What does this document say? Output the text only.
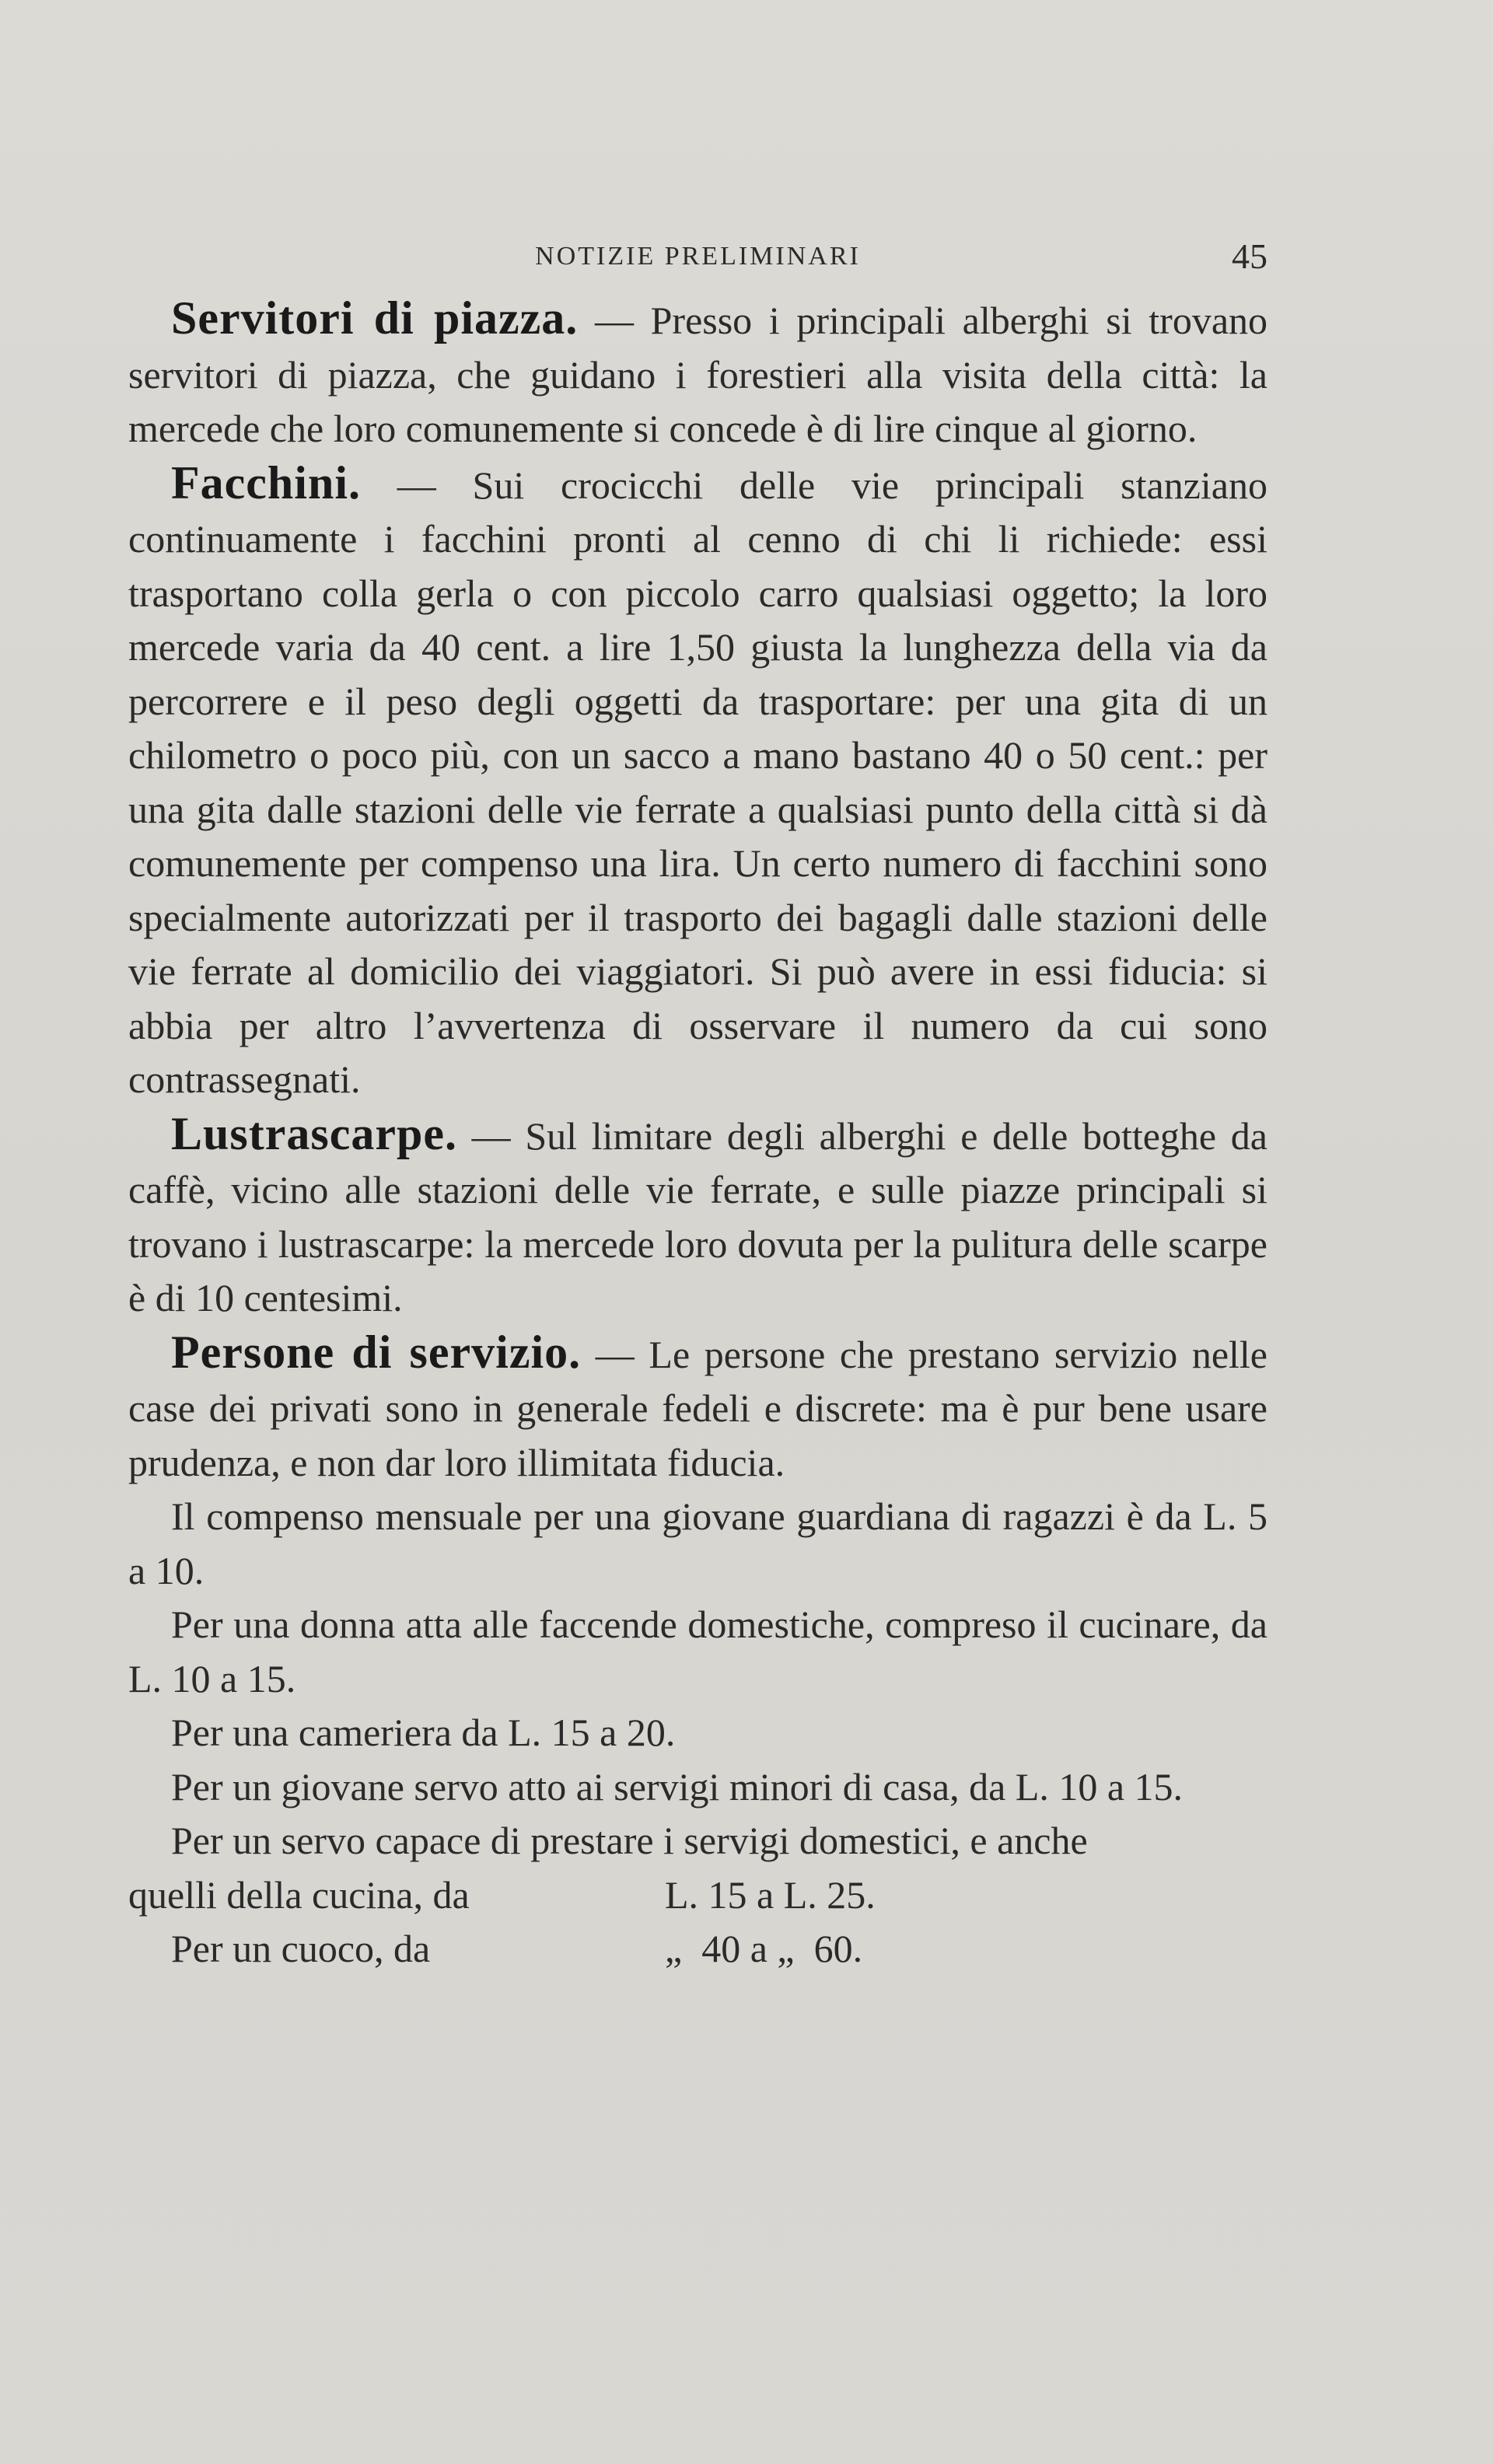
NOTIZIE PRELIMINARI	45

Servitori di piazza. — Presso i principali alberghi si trovano servitori di piazza, che guidano i forestieri alla visita della città: la mercede che loro comunemente si concede è di lire cinque al giorno.

Facchini. — Sui crocicchi delle vie principali stanziano continuamente i facchini pronti al cenno di chi li richiede: essi trasportano colla gerla o con piccolo carro qualsiasi oggetto; la loro mercede varia da 40 cent. a lire 1,50 giusta la lunghezza della via da percorrere e il peso degli oggetti da trasportare: per una gita di un chilometro o poco più, con un sacco a mano bastano 40 o 50 cent.: per una gita dalle stazioni delle vie ferrate a qualsiasi punto della città si dà comunemente per compenso una lira. Un certo numero di facchini sono specialmente autorizzati per il trasporto dei bagagli dalle stazioni delle vie ferrate al domicilio dei viaggiatori. Si può avere in essi fiducia: si abbia per altro l’avvertenza di osservare il numero da cui sono contrassegnati.

Lustrascarpe. — Sul limitare degli alberghi e delle botteghe da caffè, vicino alle stazioni delle vie ferrate, e sulle piazze principali si trovano i lustrascarpe: la mercede loro dovuta per la pulitura delle scarpe è di 10 centesimi.

Persone di servizio. — Le persone che prestano servizio nelle case dei privati sono in generale fedeli e discrete: ma è pur bene usare prudenza, e non dar loro illimitata fiducia.

Il compenso mensuale per una giovane guardiana di ragazzi è da L. 5 a 10.

Per una donna atta alle faccende domestiche, compreso il cucinare, da L. 10 a 15.

Per una cameriera da L. 15 a 20.

Per un giovane servo atto ai servigi minori di casa, da L. 10 a 15.

Per un servo capace di prestare i servigi domestici, e anche

quelli della cucina, da	L. 15 a L. 25.
Per un cuoco, da	„  40 a „  60.
